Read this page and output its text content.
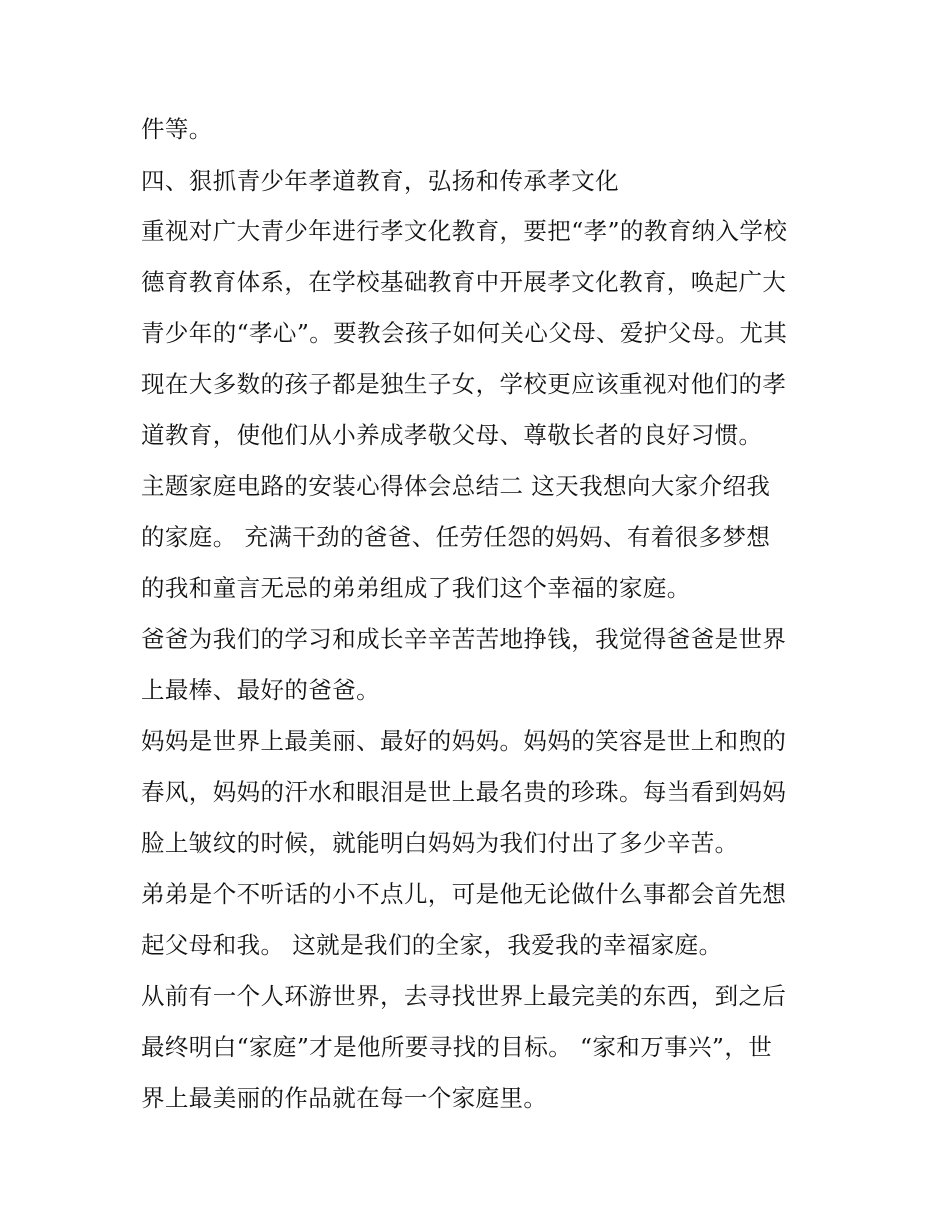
件等。
四、狠抓青少年孝道教育，弘扬和传承孝文化
重视对广大青少年进行孝文化教育，要把“孝”的教育纳入学校
德育教育体系，在学校基础教育中开展孝文化教育，唤起广大
青少年的“孝心”。要教会孩子如何关心父母、爱护父母。尤其
现在大多数的孩子都是独生子女，学校更应该重视对他们的孝
道教育，使他们从小养成孝敬父母、尊敬长者的良好习惯。
主题家庭电路的安装心得体会总结二 这天我想向大家介绍我
的家庭。 充满干劲的爸爸、任劳任怨的妈妈、有着很多梦想
的我和童言无忌的弟弟组成了我们这个幸福的家庭。
爸爸为我们的学习和成长辛辛苦苦地挣钱，我觉得爸爸是世界
上最棒、最好的爸爸。
妈妈是世界上最美丽、最好的妈妈。妈妈的笑容是世上和煦的
春风，妈妈的汗水和眼泪是世上最名贵的珍珠。每当看到妈妈
脸上皱纹的时候，就能明白妈妈为我们付出了多少辛苦。
弟弟是个不听话的小不点儿，可是他无论做什么事都会首先想
起父母和我。 这就是我们的全家，我爱我的幸福家庭。
从前有一个人环游世界，去寻找世界上最完美的东西，到之后
最终明白“家庭”才是他所要寻找的目标。 “家和万事兴”，世
界上最美丽的作品就在每一个家庭里。
